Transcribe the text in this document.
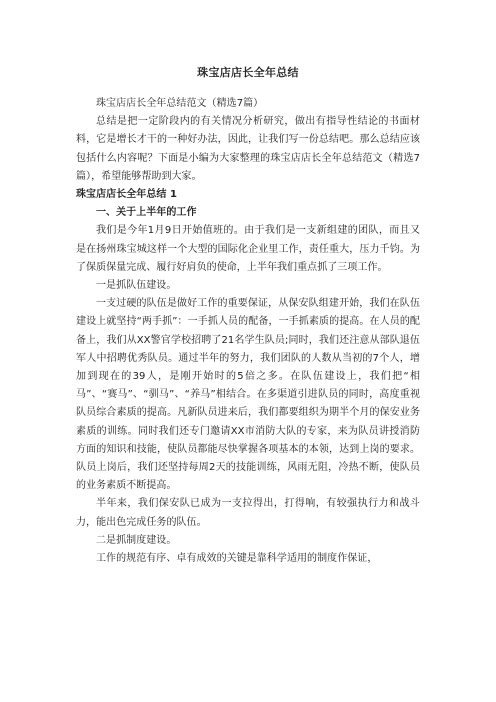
珠宝店店长全年总结

珠宝店店长全年总结范文（精选7篇）

总结是把一定阶段内的有关情况分析研究，做出有指导性结论的书面材料，它是增长才干的一种好办法，因此，让我们写一份总结吧。那么总结应该包括什么内容呢？下面是小编为大家整理的珠宝店店长全年总结范文（精选7篇），希望能够帮助到大家。

珠宝店店长全年总结 1

一、关于上半年的工作

我们是今年1月9日开始值班的。由于我们是一支新组建的团队，而且又是在扬州珠宝城这样一个大型的国际化企业里工作，责任重大，压力千钧。为了保质保量完成、履行好肩负的使命，上半年我们重点抓了三项工作。

一是抓队伍建设。

一支过硬的队伍是做好工作的重要保证，从保安队组建开始，我们在队伍建设上就坚持“两手抓”：一手抓人员的配备，一手抓素质的提高。在人员的配备上，我们从XX警官学校招聘了21名学生队员;同时，我们还注意从部队退伍军人中招聘优秀队员。通过半年的努力，我们团队的人数从当初的7个人，增加到现在的39人，是刚开始时的5倍之多。在队伍建设上，我们把“相马”、“赛马”、“驯马”、“养马”相结合。在多渠道引进队员的同时，高度重视队员综合素质的提高。凡新队员进来后，我们都要组织为期半个月的保安业务素质的训练。同时我们还专门邀请XX市消防大队的专家，来为队员讲授消防方面的知识和技能，使队员都能尽快掌握各项基本的本领，达到上岗的要求。队员上岗后，我们还坚持每周2天的技能训练，风雨无阻，冷热不断，使队员的业务素质不断提高。

半年来，我们保安队已成为一支拉得出，打得响，有较强执行力和战斗力，能出色完成任务的队伍。

二是抓制度建设。

工作的规范有序、卓有成效的关键是靠科学适用的制度作保证，
